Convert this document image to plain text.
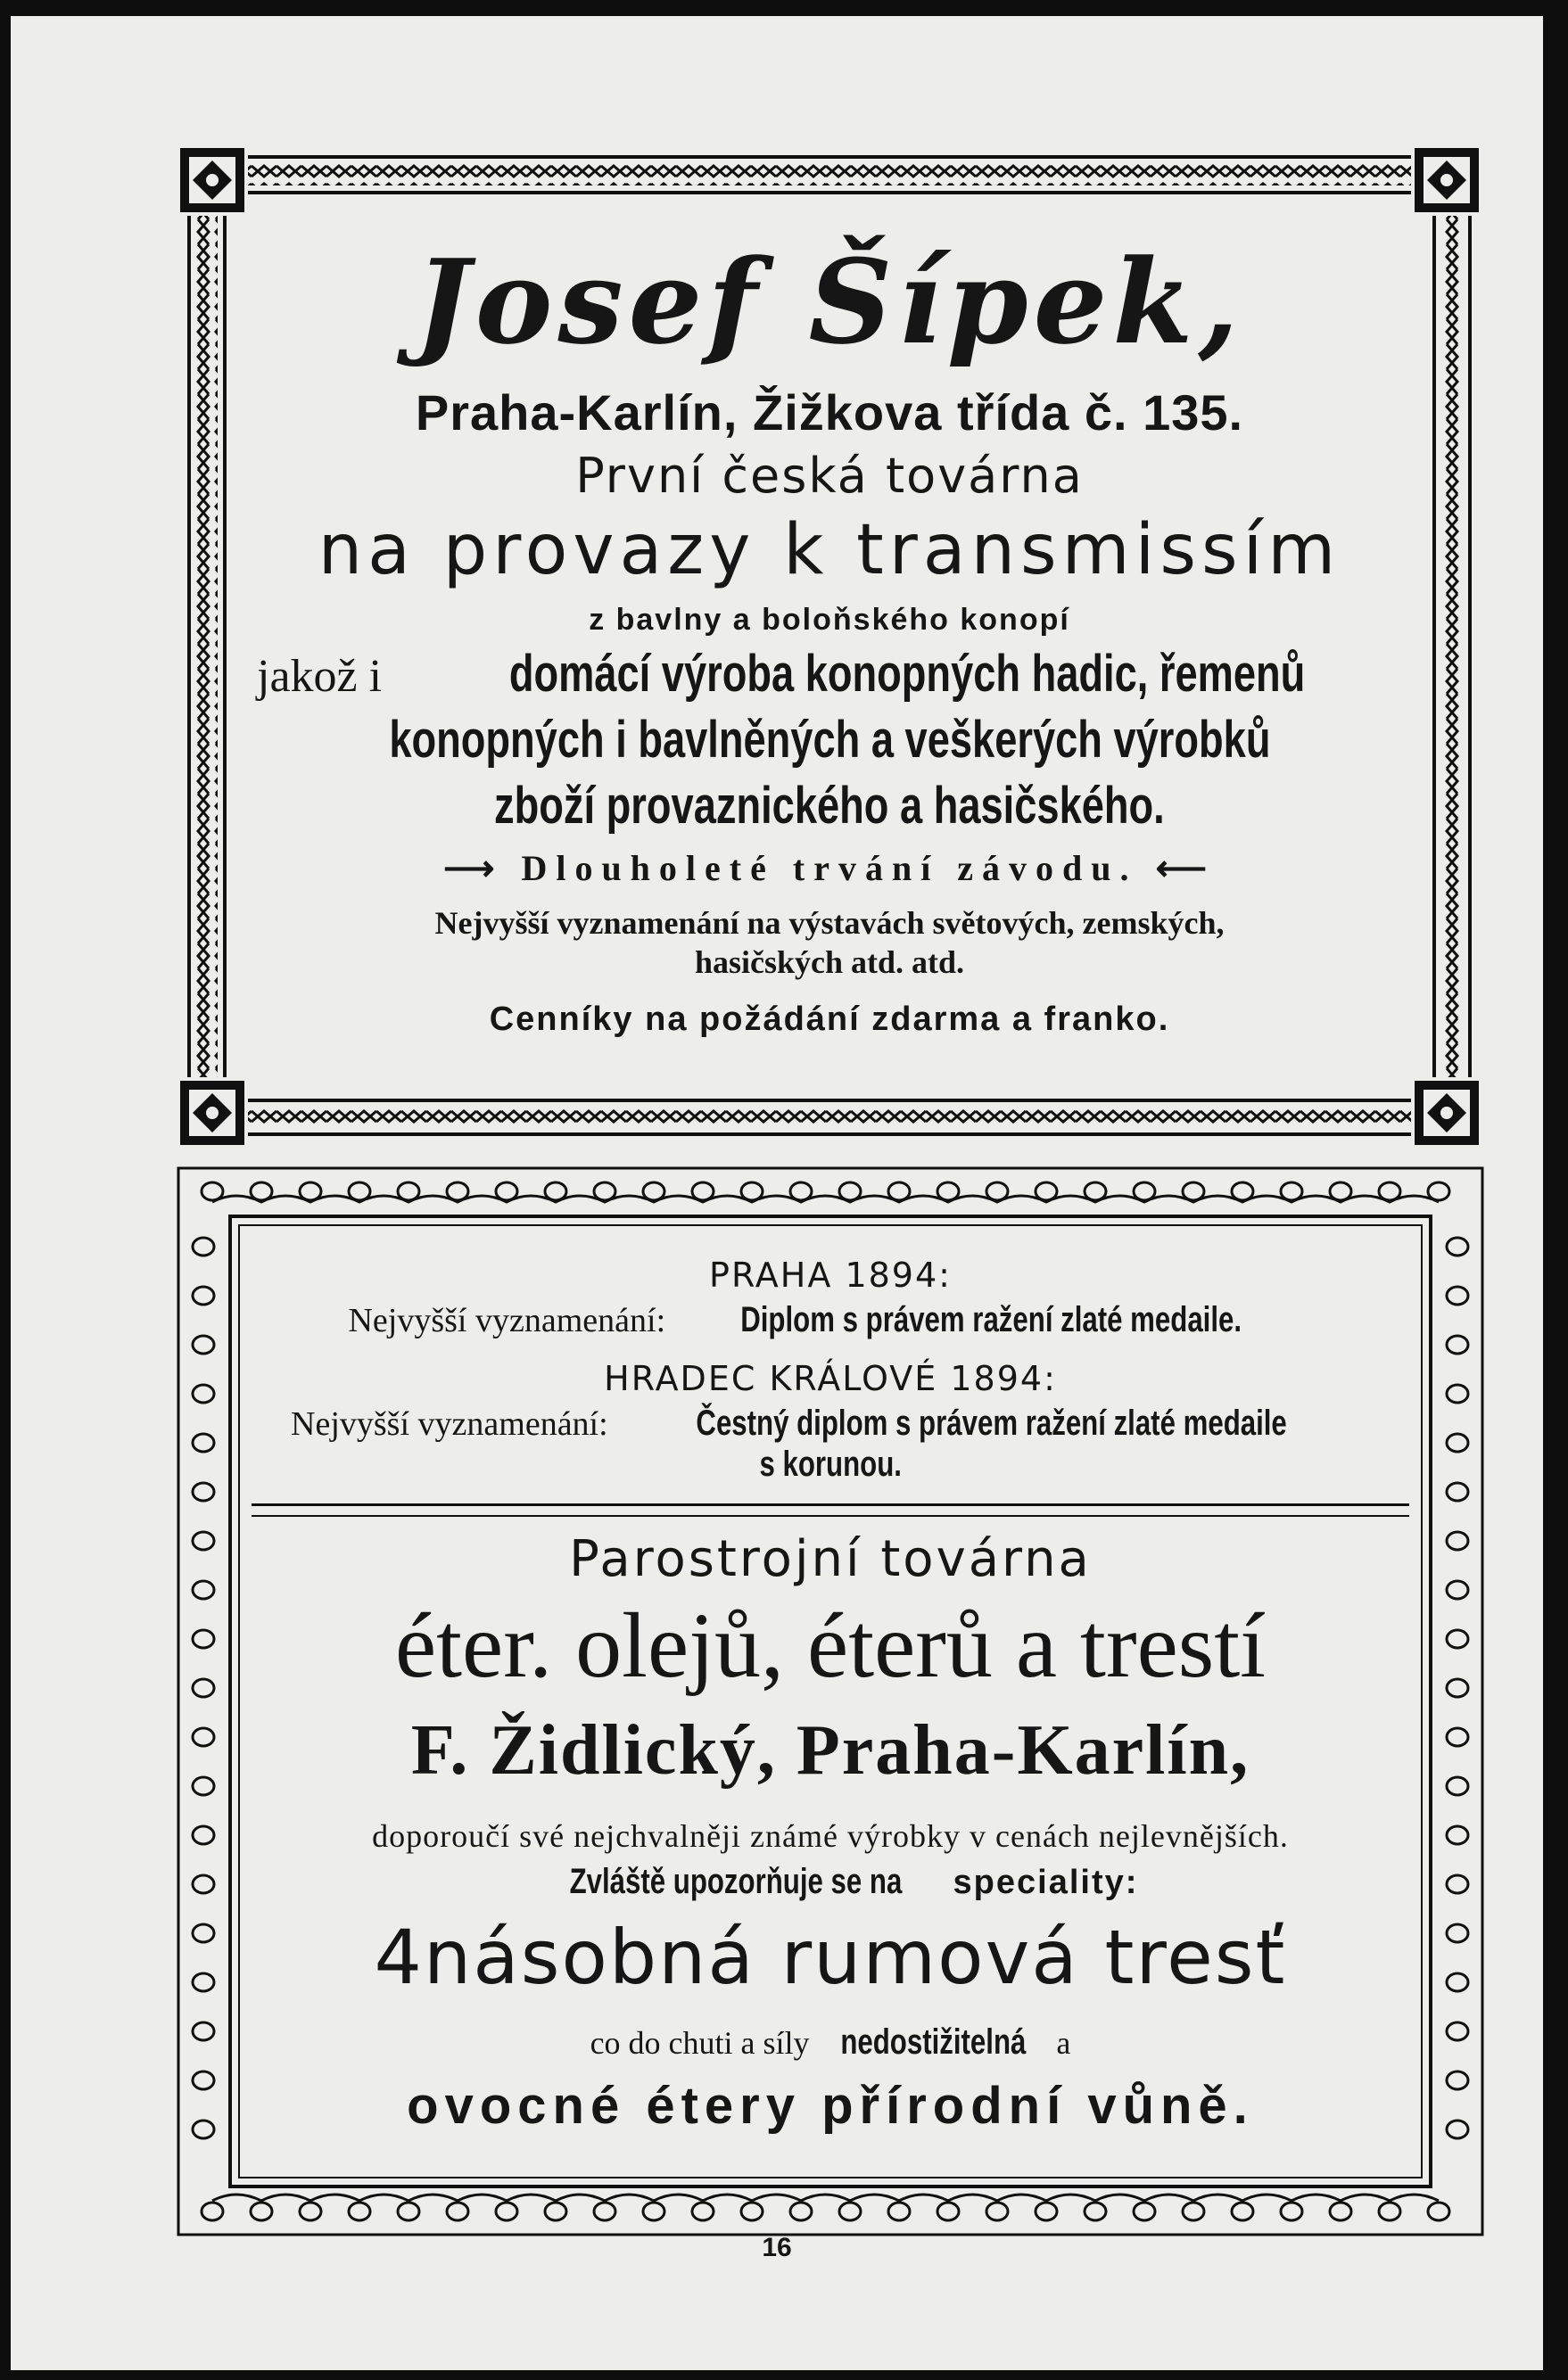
Josef Šípek,
Praha-Karlín, Žižkova třída č. 135.
První česká továrna
na provazy k transmissím
z bavlny a boloňského konopí
jakož i domácí výroba konopných hadic, řemenů
konopných i bavlněných a veškerých výrobků
zboží provaznického a hasičského.
⟶ Dlouholeté trvání závodu. ⟵
Nejvyšší vyznamenání na výstavách světových, zemských,
hasičských atd. atd.
Cenníky na požádání zdarma a franko.
PRAHA 1894:
Nejvyšší vyznamenání: Diplom s právem ražení zlaté medaile.
HRADEC KRÁLOVÉ 1894:
Nejvyšší vyznamenání: Čestný diplom s právem ražení zlaté medaile
s korunou.
Parostrojní továrna
éter. olejů, éterů a trestí
F. Židlický, Praha-Karlín,
doporoučí své nejchvalněji známé výrobky v cenách nejlevnějších.
Zvláště upozorňuje se na speciality:
4násobná rumová tresť
co do chuti a síly nedostižitelná a
ovocné étery přírodní vůně.
16
